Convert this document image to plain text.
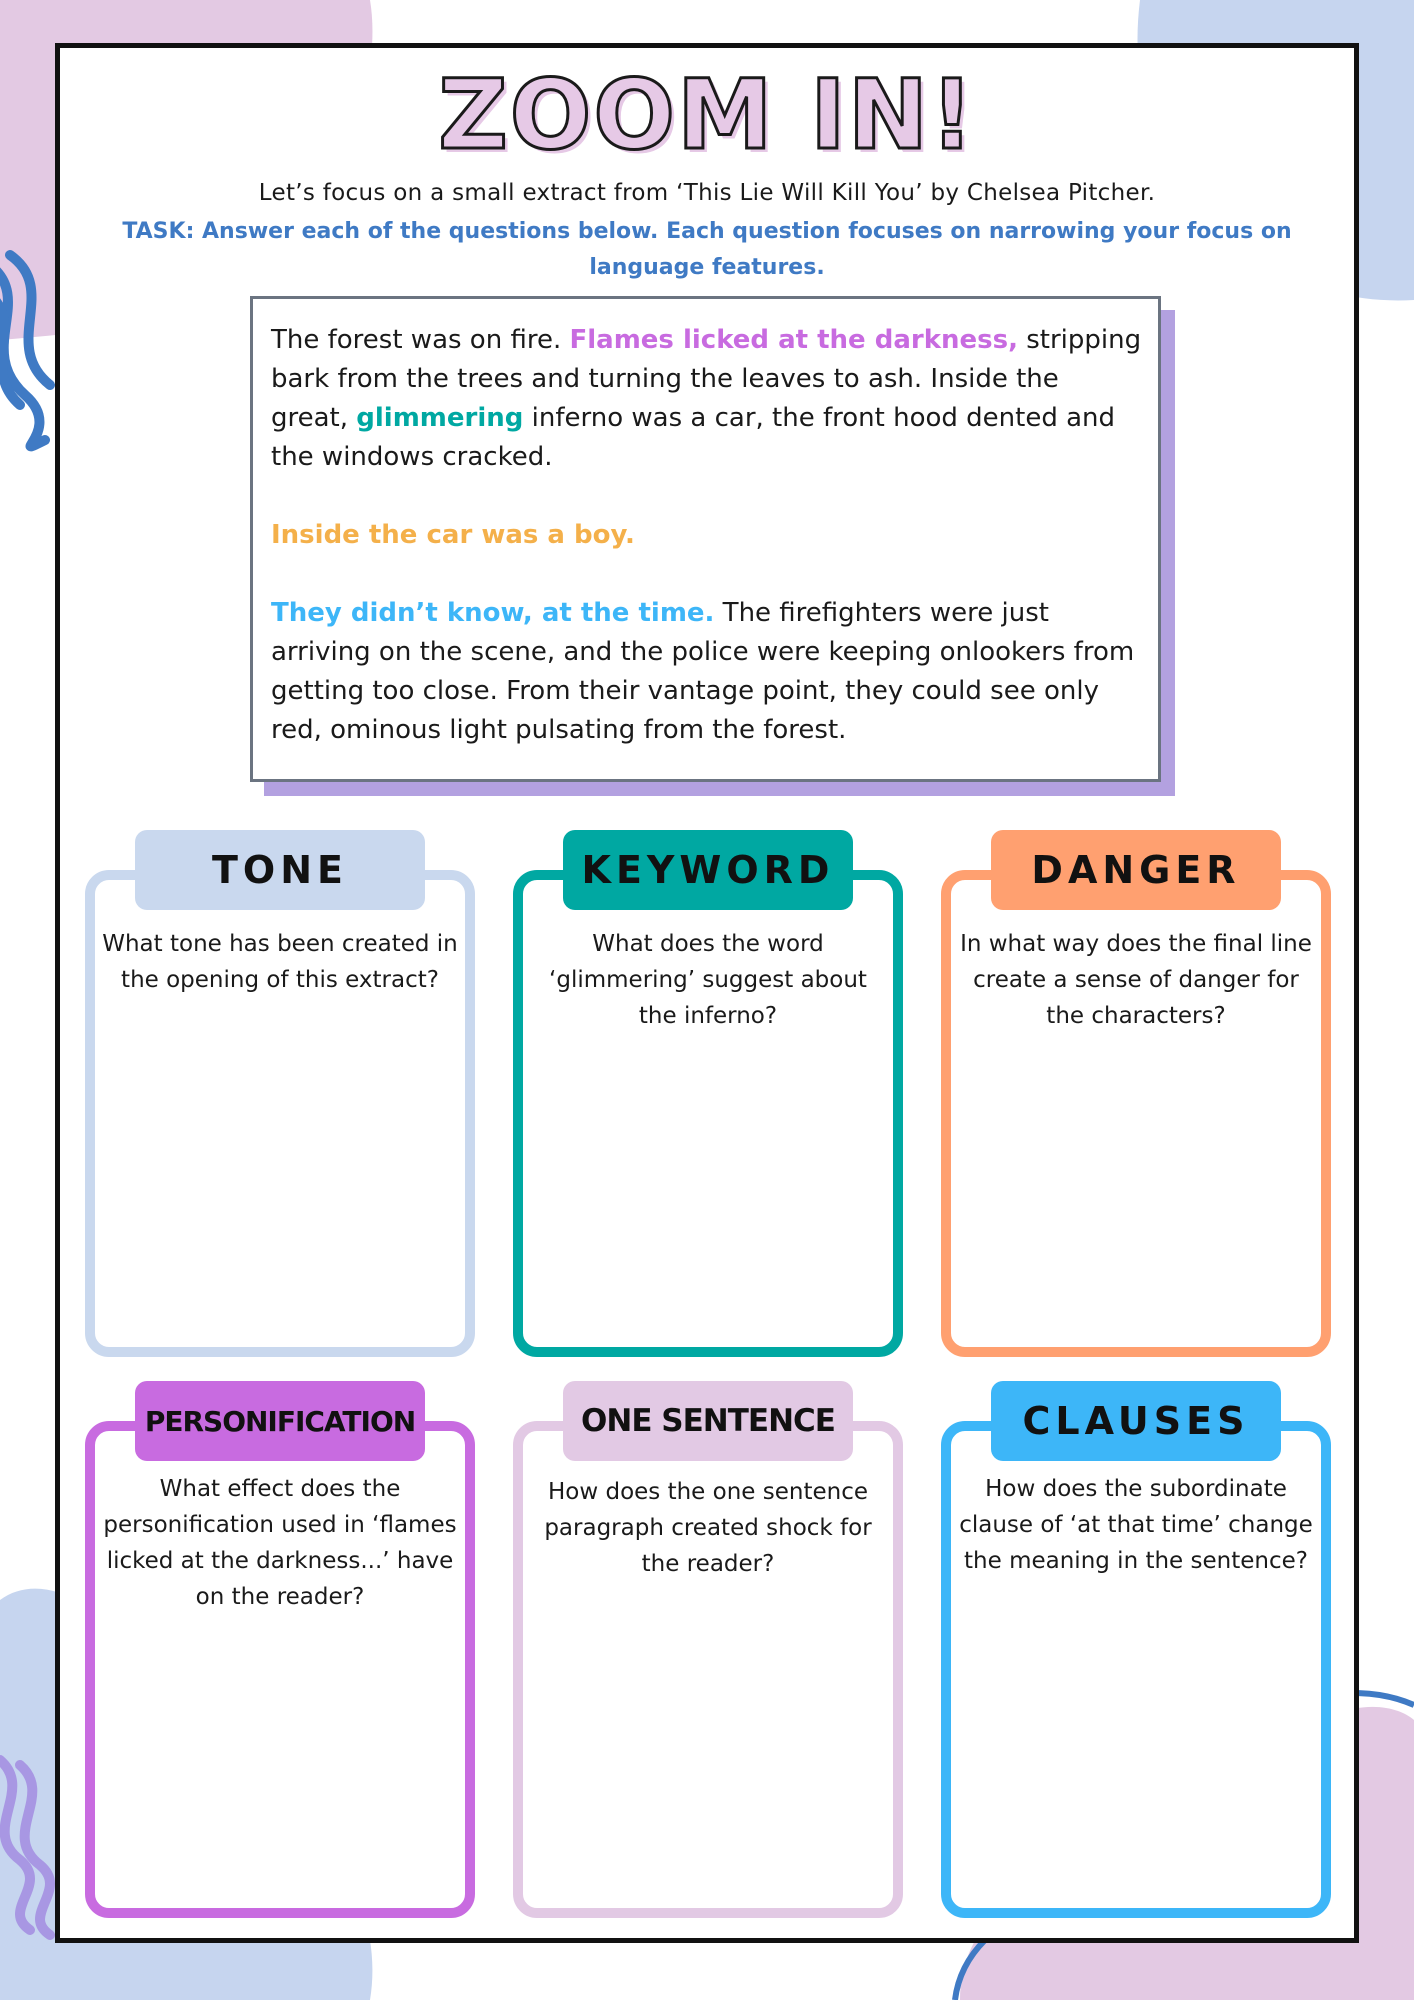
ZOOM IN!
Let’s focus on a small extract from ‘This Lie Will Kill You’ by Chelsea Pitcher.
TASK: Answer each of the questions below. Each question focuses on narrowing your focus on language features.

The forest was on fire. Flames licked at the darkness, stripping bark from the trees and turning the leaves to ash. Inside the great, glimmering inferno was a car, the front hood dented and the windows cracked.

Inside the car was a boy.

They didn’t know, at the time. The firefighters were just arriving on the scene, and the police were keeping onlookers from getting too close. From their vantage point, they could see only red, ominous light pulsating from the forest.

TONE
What tone has been created in the opening of this extract?
KEYWORD
What does the word ‘glimmering’ suggest about the inferno?
DANGER
In what way does the final line create a sense of danger for the characters?
PERSONIFICATION
What effect does the personification used in ‘flames licked at the darkness...’ have on the reader?
ONE SENTENCE
How does the one sentence paragraph created shock for the reader?
CLAUSES
How does the subordinate clause of ‘at that time’ change the meaning in the sentence?
